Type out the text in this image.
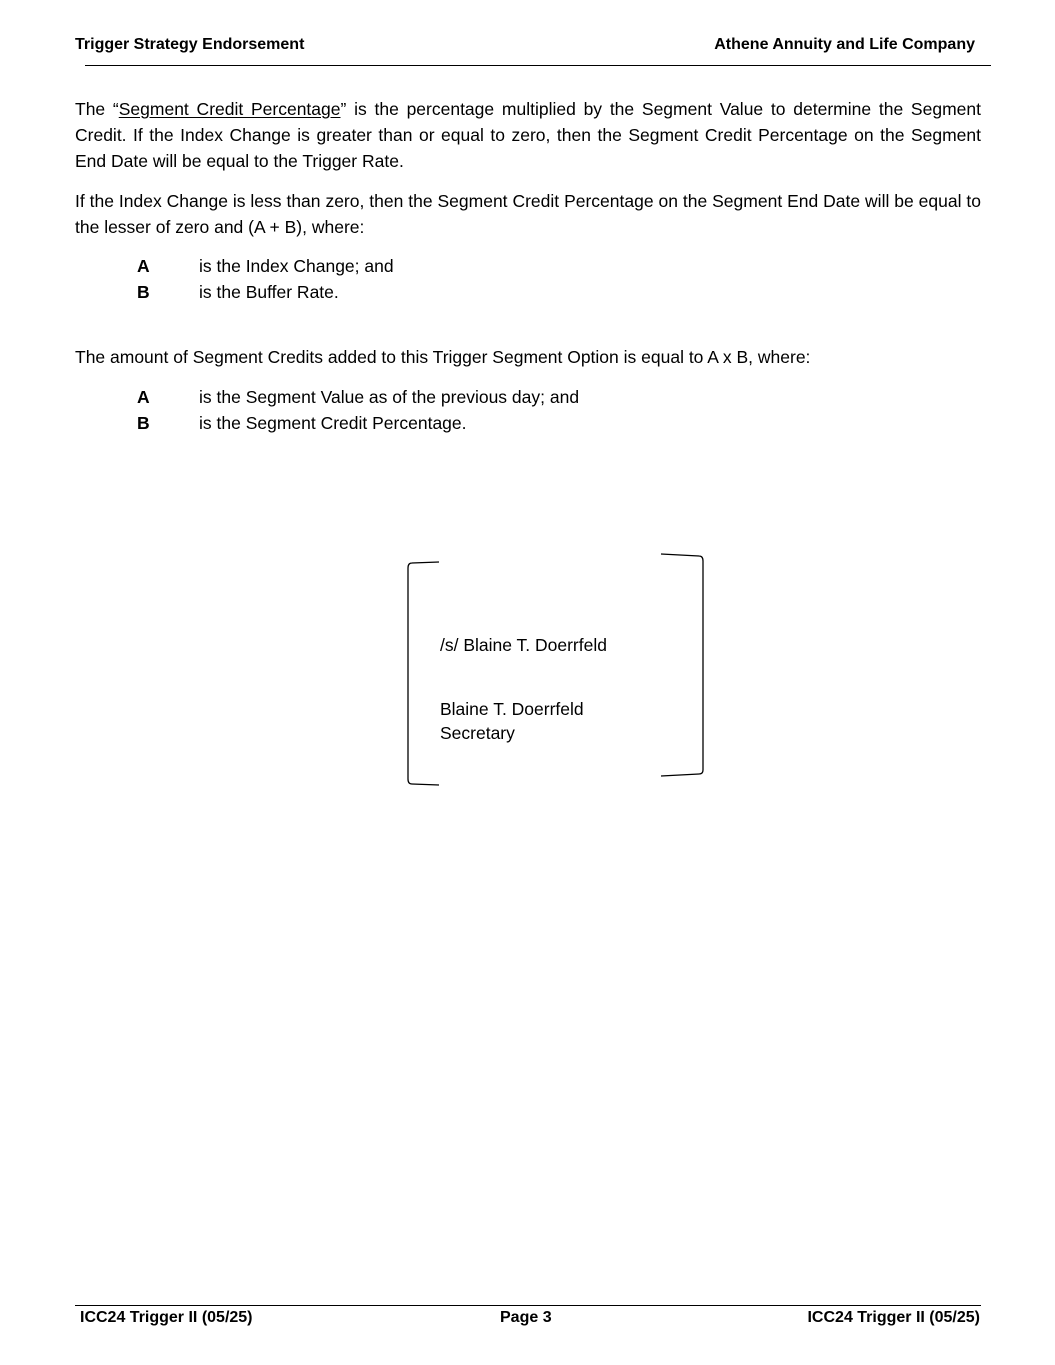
Trigger Strategy Endorsement	Athene Annuity and Life Company

The “Segment Credit Percentage” is the percentage multiplied by the Segment Value to determine the Segment Credit. If the Index Change is greater than or equal to zero, then the Segment Credit Percentage on the Segment End Date will be equal to the Trigger Rate.

If the Index Change is less than zero, then the Segment Credit Percentage on the Segment End Date will be equal to the lesser of zero and (A + B), where:

A	is the Index Change; and
B	is the Buffer Rate.

The amount of Segment Credits added to this Trigger Segment Option is equal to A x B, where:

A	is the Segment Value as of the previous day; and
B	is the Segment Credit Percentage.
/s/ Blaine T. Doerrfeld
Blaine T. Doerrfeld
Secretary
ICC24 Trigger II (05/25)	Page 3	ICC24 Trigger II (05/25)
